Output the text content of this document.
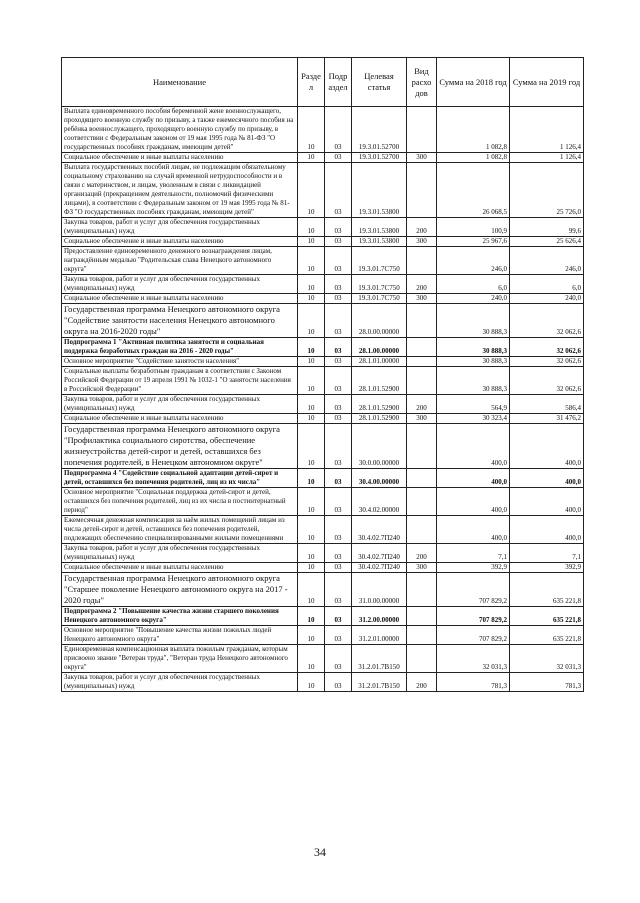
Наименование	Разде л	Подр аздел	Целевая статья	Вид расхо дов	Сумма на 2018 год	Сумма на 2019 год
Выплата единовременного пособия беременной жене военнослужащего, проходящего военную службу по призыву, а также ежемесячного пособия на ребёнка военнослужащего, проходящего военную службу по призыву, в соответствии с Федеральным законом от 19 мая 1995 года № 81-ФЗ "О государственных пособиях гражданам, имеющим детей"	10	03	19.3.01.52700		1 082,8	1 126,4
Социальное обеспечение и иные выплаты населению	10	03	19.3.01.52700	300	1 082,8	1 126,4
Выплата государственных пособий лицам, не подлежащим обязательному социальному страхованию на случай временной нетрудоспособности и в связи с материнством, и лицам, уволенным в связи с ликвидацией организаций (прекращением деятельности, полномочий физическими лицами), в соответствии с Федеральным законом от 19 мая 1995 года № 81-ФЗ "О государственных пособиях гражданам, имеющим детей"	10	03	19.3.01.53800		26 068,5	25 726,0
Закупка товаров, работ и услуг для обеспечения государственных (муниципальных) нужд	10	03	19.3.01.53800	200	100,9	99,6
Социальное обеспечение и иные выплаты населению	10	03	19.3.01.53800	300	25 967,6	25 626,4
Предоставление единовременного денежного вознаграждения лицам, награждённым медалью "Родительская слава Ненецкого автономного округа"	10	03	19.3.01.7С750		246,0	246,0
Закупка товаров, работ и услуг для обеспечения государственных (муниципальных) нужд	10	03	19.3.01.7С750	200	6,0	6,0
Социальное обеспечение и иные выплаты населению	10	03	19.3.01.7С750	300	240,0	240,0
Государственная программа Ненецкого автономного округа "Содействие занятости населения Ненецкого автономного округа на 2016-2020 годы"	10	03	28.0.00.00000		30 888,3	32 062,6
Подпрограмма 1 "Активная политика занятости и социальная поддержка безработных граждан на 2016 - 2020 годы"	10	03	28.1.00.00000		30 888,3	32 062,6
Основное мероприятие "Содействие занятости населения"	10	03	28.1.01.00000		30 888,3	32 062,6
Социальные выплаты безработным гражданам в соответствии с Законом Российской Федерации от 19 апреля 1991 № 1032-1 "О занятости населения в Российской Федерации"	10	03	28.1.01.52900		30 888,3	32 062,6
Закупка товаров, работ и услуг для обеспечения государственных (муниципальных) нужд	10	03	28.1.01.52900	200	564,9	586,4
Социальное обеспечение и иные выплаты населению	10	03	28.1.01.52900	300	30 323,4	31 476,2
Государственная программа Ненецкого автономного округа "Профилактика социального сиротства, обеспечение жизнеустройства детей-сирот и детей, оставшихся без попечения родителей, в Ненецком автономном округе"	10	03	30.0.00.00000		400,0	400,0
Подпрограмма 4 "Содействие социальной адаптации детей-сирот и детей, оставшихся без попечения родителей, лиц из их числа"	10	03	30.4.00.00000		400,0	400,0
Основное мероприятие "Социальная поддержка детей-сирот и детей, оставшихся без попечения родителей, лиц из их числа в постинтернатный период"	10	03	30.4.02.00000		400,0	400,0
Ежемесячная денежная компенсация за наём жилых помещений лицам из числа детей-сирот и детей, оставшихся без попечения родителей, подлежащих обеспечению специализированными жилыми помещениями	10	03	30.4.02.7П240		400,0	400,0
Закупка товаров, работ и услуг для обеспечения государственных (муниципальных) нужд	10	03	30.4.02.7П240	200	7,1	7,1
Социальное обеспечение и иные выплаты населению	10	03	30.4.02.7П240	300	392,9	392,9
Государственная программа Ненецкого автономного округа "Старшее поколение Ненецкого автономного округа на 2017 - 2020 годы"	10	03	31.0.00.00000		707 829,2	635 221,8
Подпрограмма 2 "Повышение качества жизни старшего поколения Ненецкого автономного округа"	10	03	31.2.00.00000		707 829,2	635 221,8
Основное мероприятие "Повышение качества жизни пожилых людей Ненецкого автономного округа"	10	03	31.2.01.00000		707 829,2	635 221,8
Единовременная компенсационная выплата пожилым гражданам, которым присвоено звание "Ветеран труда", "Ветеран труда Ненецкого автономного округа"	10	03	31.2.01.7В150		32 031,3	32 031,3
Закупка товаров, работ и услуг для обеспечения государственных (муниципальных) нужд	10	03	31.2.01.7В150	200	781,3	781,3
34
